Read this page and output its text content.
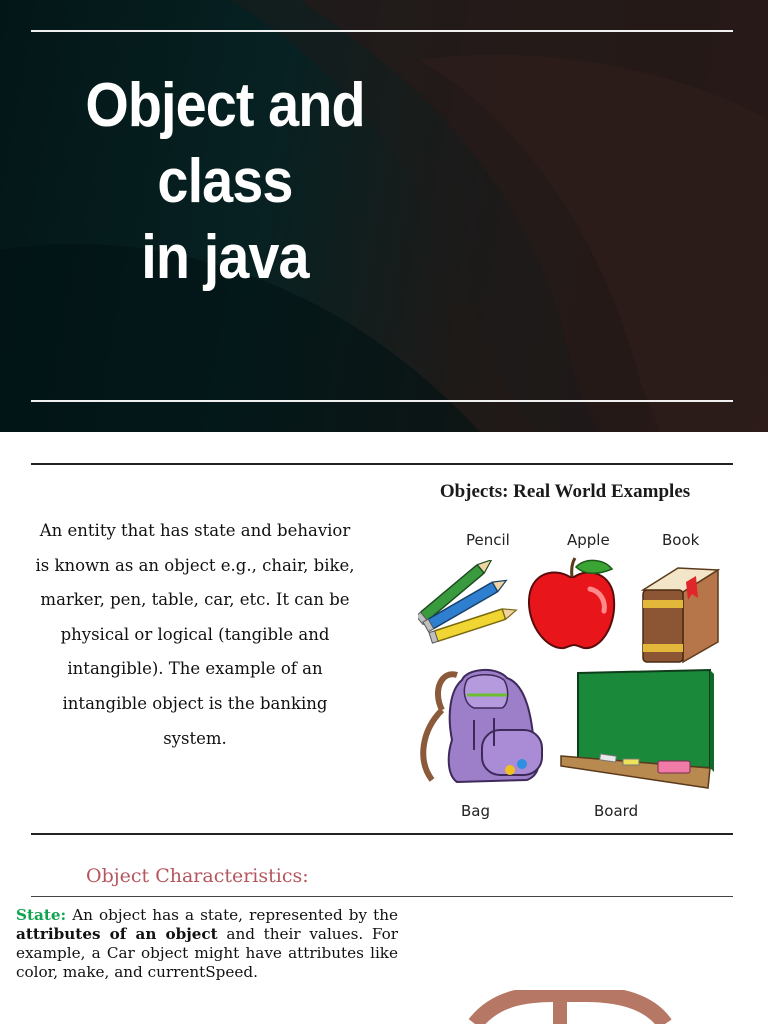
Object and class
in java
An entity that has state and behavior is known as an object e.g., chair, bike, marker, pen, table, car, etc. It can be physical or logical (tangible and intangible). The example of an intangible object is the banking system.
Objects: Real World Examples
Pencil	Apple	Book
Bag	Board
Object Characteristics:
State: An object has a state, represented by the attributes of an object and their values. For example, a Car object might have attributes like color, make, and currentSpeed.
